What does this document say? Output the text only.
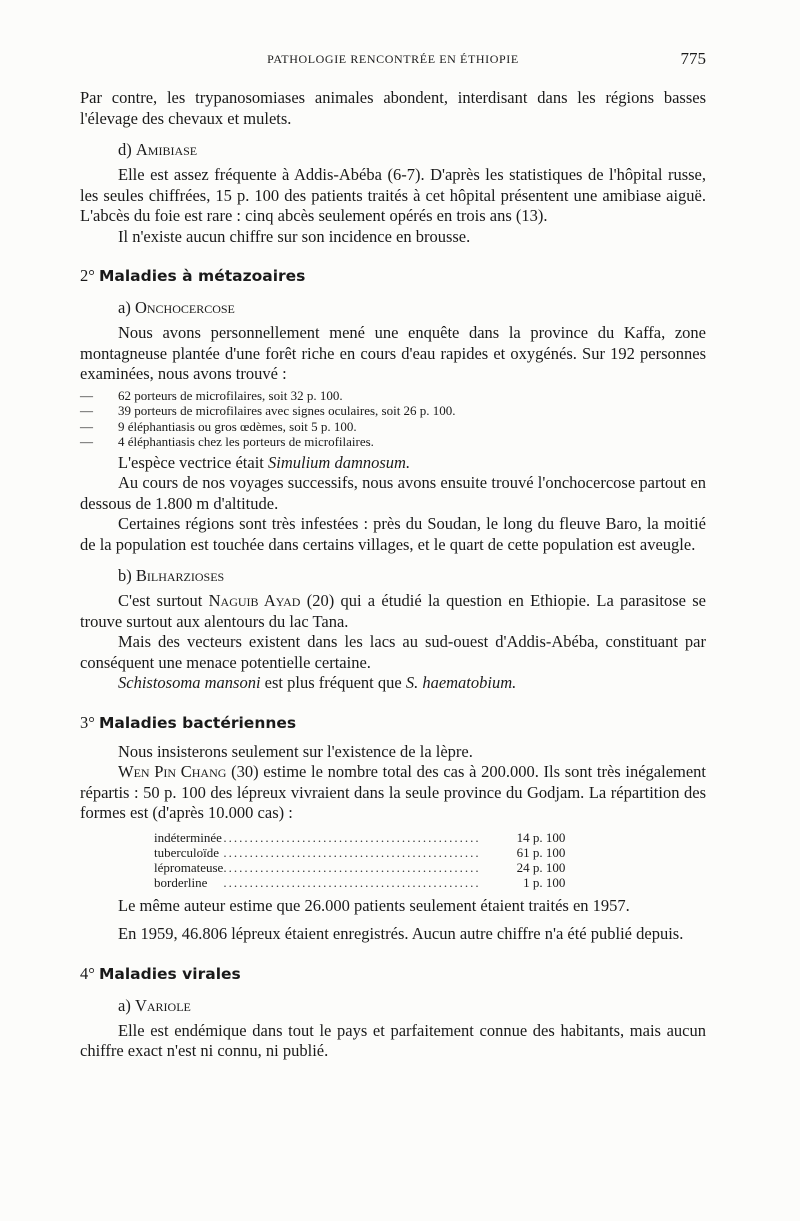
PATHOLOGIE RENCONTRÉE EN ÉTHIOPIE	775

Par contre, les trypanosomiases animales abondent, interdisant dans les régions basses l'élevage des chevaux et mulets.

d) Amibiase

Elle est assez fréquente à Addis-Abéba (6-7). D'après les statistiques de l'hôpital russe, les seules chiffrées, 15 p. 100 des patients traités à cet hôpital présentent une amibiase aiguë. L'abcès du foie est rare : cinq abcès seulement opérés en trois ans (13).

Il n'existe aucun chiffre sur son incidence en brousse.

2° Maladies à métazoaires
a) Onchocercose

Nous avons personnellement mené une enquête dans la province du Kaffa, zone montagneuse plantée d'une forêt riche en cours d'eau rapides et oxygénés. Sur 192 personnes examinées, nous avons trouvé :

— 62 porteurs de microfilaires, soit 32 p. 100.
— 39 porteurs de microfilaires avec signes oculaires, soit 26 p. 100.
— 9 éléphantiasis ou gros œdèmes, soit 5 p. 100.
— 4 éléphantiasis chez les porteurs de microfilaires.

L'espèce vectrice était Simulium damnosum.

Au cours de nos voyages successifs, nous avons ensuite trouvé l'onchocercose partout en dessous de 1.800 m d'altitude.

Certaines régions sont très infestées : près du Soudan, le long du fleuve Baro, la moitié de la population est touchée dans certains villages, et le quart de cette population est aveugle.

b) Bilharzioses

C'est surtout Naguib Ayad (20) qui a étudié la question en Ethiopie. La parasitose se trouve surtout aux alentours du lac Tana.

Mais des vecteurs existent dans les lacs au sud-ouest d'Addis-Abéba, constituant par conséquent une menace potentielle certaine.

Schistosoma mansoni est plus fréquent que S. haematobium.

3° Maladies bactériennes

Nous insisterons seulement sur l'existence de la lèpre.

Wen Pin Chang (30) estime le nombre total des cas à 200.000. Ils sont très inégalement répartis : 50 p. 100 des lépreux vivraient dans la seule province du Godjam. La répartition des formes est (d'après 10.000 cas) :

indéterminée	.................................................	14 p. 100
tuberculoïde	.................................................	61 p. 100
lépromateuse	.................................................	24 p. 100
borderline	.................................................	1 p. 100

Le même auteur estime que 26.000 patients seulement étaient traités en 1957.

En 1959, 46.806 lépreux étaient enregistrés. Aucun autre chiffre n'a été publié depuis.

4° Maladies virales
a) Variole

Elle est endémique dans tout le pays et parfaitement connue des habitants, mais aucun chiffre exact n'est ni connu, ni publié.
